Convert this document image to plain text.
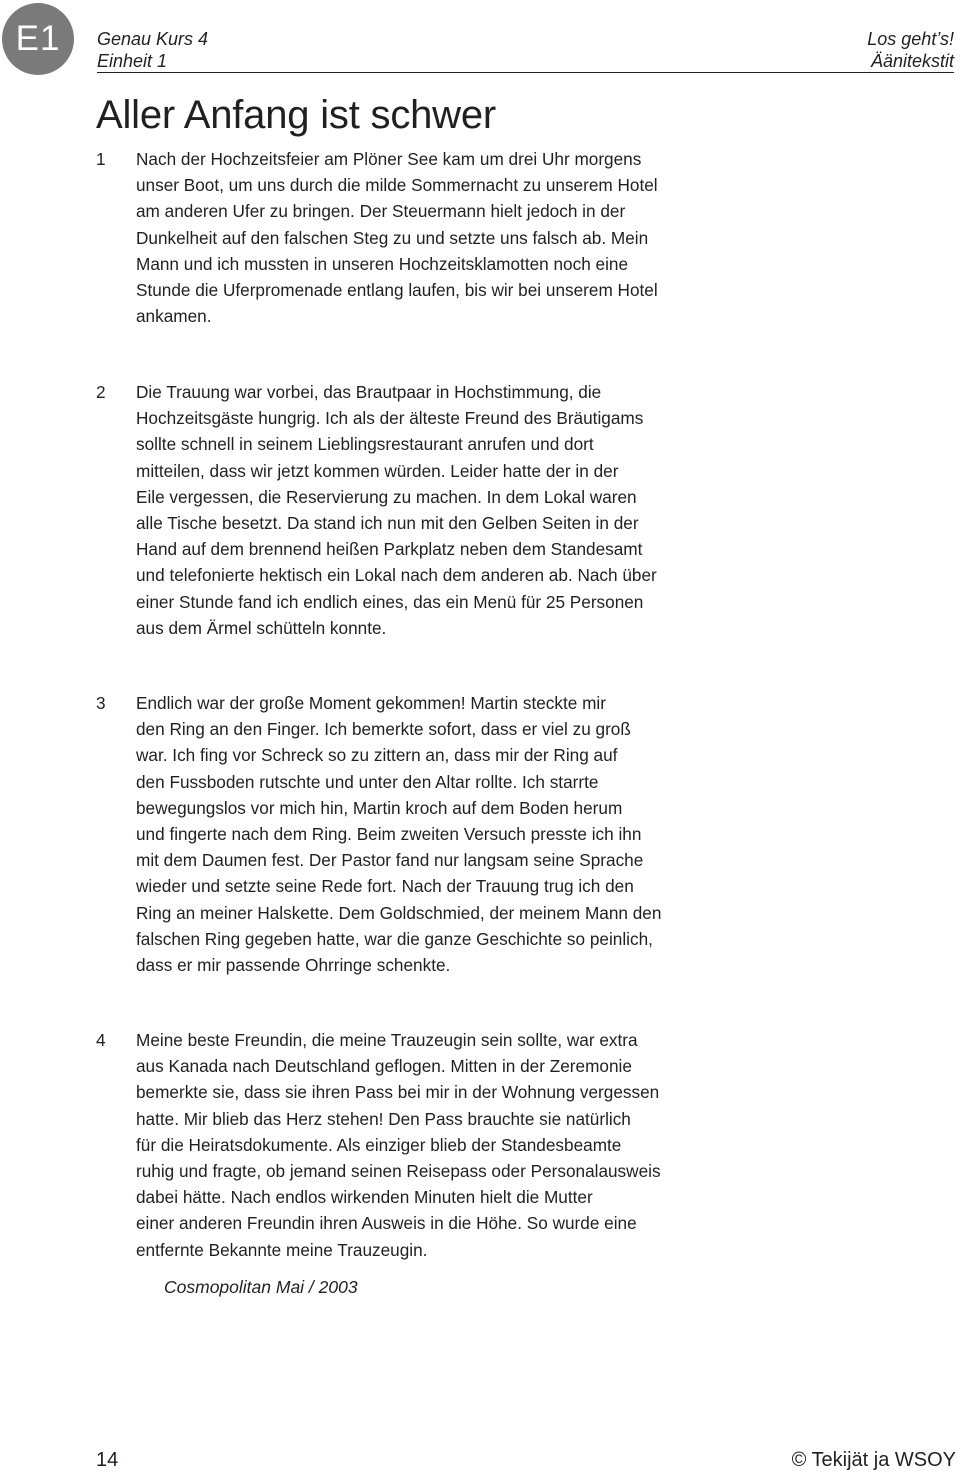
E1	Genau Kurs 4
Einheit 1
Los geht’s!
Äänitekstit
Aller Anfang ist schwer
1 Nach der Hochzeitsfeier am Plöner See kam um drei Uhr morgens
unser Boot, um uns durch die milde Sommernacht zu unserem Hotel
am anderen Ufer zu bringen. Der Steuermann hielt jedoch in der
Dunkelheit auf den falschen Steg zu und setzte uns falsch ab. Mein
Mann und ich mussten in unseren Hochzeitsklamotten noch eine
Stunde die Uferpromenade entlang laufen, bis wir bei unserem Hotel
ankamen.
2 Die Trauung war vorbei, das Brautpaar in Hochstimmung, die
Hochzeitsgäste hungrig. Ich als der älteste Freund des Bräutigams
sollte schnell in seinem Lieblingsrestaurant anrufen und dort
mitteilen, dass wir jetzt kommen würden. Leider hatte der in der
Eile vergessen, die Reservierung zu machen. In dem Lokal waren
alle Tische besetzt. Da stand ich nun mit den Gelben Seiten in der
Hand auf dem brennend heißen Parkplatz neben dem Standesamt
und telefonierte hektisch ein Lokal nach dem anderen ab. Nach über
einer Stunde fand ich endlich eines, das ein Menü für 25 Personen
aus dem Ärmel schütteln konnte.
3 Endlich war der große Moment gekommen! Martin steckte mir
den Ring an den Finger. Ich bemerkte sofort, dass er viel zu groß
war. Ich fing vor Schreck so zu zittern an, dass mir der Ring auf
den Fussboden rutschte und unter den Altar rollte. Ich starrte
bewegungslos vor mich hin, Martin kroch auf dem Boden herum
und fingerte nach dem Ring. Beim zweiten Versuch presste ich ihn
mit dem Daumen fest. Der Pastor fand nur langsam seine Sprache
wieder und setzte seine Rede fort. Nach der Trauung trug ich den
Ring an meiner Halskette. Dem Goldschmied, der meinem Mann den
falschen Ring gegeben hatte, war die ganze Geschichte so peinlich,
dass er mir passende Ohrringe schenkte.
4 Meine beste Freundin, die meine Trauzeugin sein sollte, war extra
aus Kanada nach Deutschland geflogen. Mitten in der Zeremonie
bemerkte sie, dass sie ihren Pass bei mir in der Wohnung vergessen
hatte. Mir blieb das Herz stehen! Den Pass brauchte sie natürlich
für die Heiratsdokumente. Als einziger blieb der Standesbeamte
ruhig und fragte, ob jemand seinen Reisepass oder Personalausweis
dabei hätte. Nach endlos wirkenden Minuten hielt die Mutter
einer anderen Freundin ihren Ausweis in die Höhe. So wurde eine
entfernte Bekannte meine Trauzeugin.
Cosmopolitan Mai / 2003
14	© Tekijät ja WSOY
